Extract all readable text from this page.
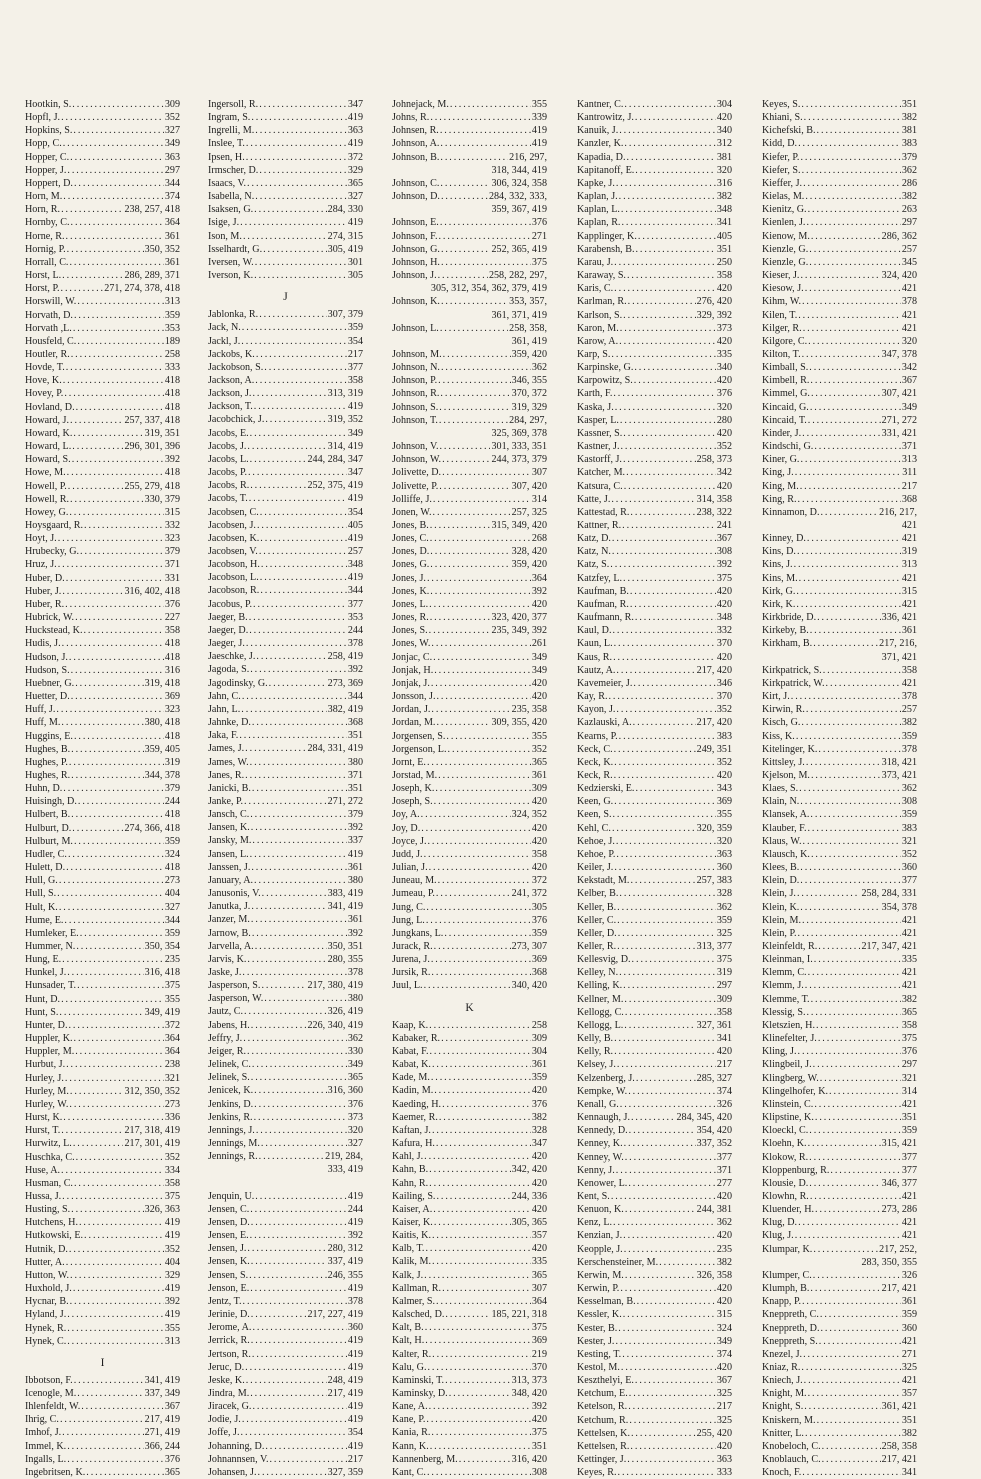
Hootkin, S. . . .	309
Hopfl, J. . . .	352
Hopkins, S. . . .	327
Hopp, C. . . .	349
Hopper, C. . . .	363
Hopper, J. . . .	297
Hoppert, D. . . .	344
Horn, M. . . .	374
Horn, R. . . .	238, 257, 418
Hornby, C. . . .	364
Horne, R. . . .	361
Hornig, P. . . .	350, 352
Horrall, C. . . .	361
Horst, L. . . .	286, 289, 371
Horst, P. . . .	271, 274, 378, 418
Horswill, W. . . .	313
Horvath, D. . . .	359
Horvath ,L. . . .	353
Housfeld, C. . . .	189
Houtler, R. . . .	258
Hovde, T. . . .	333
Hove, K. . . .	418
Hovey, P. . . .	418
Hovland, D. . . .	418
Howard, J. . . .	257, 337, 418
Howard, K. . . .	319, 351
Howard, L. . . .	296, 301, 396
Howard, S. . . .	392
Howe, M. . . .	418
Howell, P. . . .	255, 279, 418
Howell, R. . . .	330, 379
Howey, G. . . .	315
Hoysgaard, R. . . .	332
Hoyt, J. . . .	323
Hrubecky, G. . . .	379
Hruz, J. . . .	371
Huber, D. . . .	331
Huber, J. . . .	316, 402, 418
Huber, R. . . .	376
Hubrick, W. . . .	227
Huckstead, K. . . .	358
Hudis, J. . . .	418
Hudson, J. . . .	418
Hudson, S. . . .	316
Huebner, G. . . .	319, 418
Huetter, D. . . .	369
Huff, J. . . .	323
Huff, M. . . .	380, 418
Huggins, E. . . .	418
Hughes, B. . . .	359, 405
Hughes, P. . . .	319
Hughes, R. . . .	344, 378
Huhn, D. . . .	379
Huisingh, D. . . .	244
Hulbert, B. . . .	418
Hulburt, D. . . .	274, 366, 418
Hulburt, M. . . .	359
Hudler, C. . . .	324
Hulett, D. . . .	418
Hull, G. . . .	273
Hull, S. . . .	404
Hult, K. . . .	327
Hume, E. . . .	344
Humleker, E. . . .	359
Hummer, N. . . .	350, 354
Hung, E. . . .	235
Hunkel, J. . . .	316, 418
Hunsader, T. . . .	375
Hunt, D. . . .	355
Hunt, S. . . .	349, 419
Hunter, D. . . .	372
Huppler, K. . . .	364
Huppler, M. . . .	364
Hurbut, J. . . .	238
Hurley, J. . . .	321
Hurley, M. . . .	312, 350, 352
Hurley, W. . . .	273
Hurst, K. . . .	336
Hurst, T. . . .	217, 318, 419
Hurwitz, L. . . .	217, 301, 419
Huschka, C. . . .	352
Huse, A. . . .	334
Husman, C. . . .	358
Hussa, J. . . .	375
Husting, S. . . .	326, 363
Hutchens, H. . . .	419
Hutkowski, E. . . .	419
Hutnik, D. . . .	352
Hutter, A. . . .	404
Hutton, W. . . .	329
Huxhold, J. . . .	419
Hycnar, B. . . .	392
Hyland, J. . . .	419
Hynek, R. . . .	355
Hynek, C. . . .	313
I
Ibbotson, F. . . .	341, 419
Icenogle, M. . . .	337, 349
Ihlenfeldt, W. . . .	367
Ihrig, C. . . .	217, 419
Imhof, J. . . .	271, 419
Immel, K. . . .	366, 244
Ingalls, L. . . .	376
Ingebritsen, K. . . .	365
Ingersoll, R. . . .	347
Ingram, S. . . .	419
Ingrelli, M. . . .	363
Inslee, T. . . .	419
Ipsen, H. . . .	372
Irmscher, D. . . .	329
Isaacs, V. . . .	365
Isabella, N. . . .	327
Isaksen, G. . . .	284, 330
Isige, J. . . .	419
Ison, M. . . .	274, 315
Isselhardt, G. . . .	305, 419
Iversen, W. . . .	301
Iverson, K. . . .	305
J
Jablonka, R. . . .	307, 379
Jack, N. . . .	359
Jackl, J. . . .	354
Jackobs, K. . . .	217
Jackobson, S. . . .	377
Jackson, A. . . .	358
Jackson, J. . . .	313, 319
Jackson, T. . . .	419
Jacobchick, J. . . .	319, 352
Jacobs, E. . . .	349
Jacobs, J. . . .	314, 419
Jacobs, L. . . .	244, 284, 347
Jacobs, P. . . .	347
Jacobs, R. . . .	252, 375, 419
Jacobs, T. . . .	419
Jacobsen, C. . . .	354
Jacobsen, J. . . .	405
Jacobsen, K. . . .	419
Jacobsen, V. . . .	257
Jacobson, H. . . .	348
Jacobson, L. . . .	419
Jacobson, R. . . .	344
Jacobus, P. . . .	377
Jaeger, B. . . .	353
Jaeger, D. . . .	244
Jaeger, J. . . .	378
Jaeschke, J. . . .	258, 419
Jagoda, S. . . .	392
Jagodinsky, G. . . .	273, 369
Jahn, C. . . .	344
Jahn, L. . . .	382, 419
Jahnke, D. . . .	368
Jaka, F. . . .	351
James, J. . . .	284, 331, 419
James, W. . . .	380
Janes, R. . . .	371
Janicki, B. . . .	351
Janke, P. . . .	271, 272
Jansch, C. . . .	379
Jansen, K. . . .	392
Jansky, M. . . .	337
Jansen, L. . . .	419
Janssen, J. . . .	361
January, A. . . .	380
Janusonis, V. . . .	383, 419
Janutka, J. . . .	341, 419
Janzer, M. . . .	361
Jarnow, B. . . .	392
Jarvella, A. . . .	350, 351
Jarvis, K. . . .	280, 355
Jaske, J. . . .	378
Jasperson, S. . . .	217, 380, 419
Jasperson, W. . . .	380
Jautz, C. . . .	326, 419
Jabens, H. . . .	226, 340, 419
Jeffry, J. . . .	362
Jeiger, R. . . .	330
Jelinek, C. . . .	349
Jelinek, S. . . .	365
Jenicek, K. . . .	316, 360
Jenkins, D. . . .	376
Jenkins, R. . . .	373
Jennings, J. . . .	320
Jennings, M. . . .	327
Jennings, R. . . .	219, 284,
333, 419

Jenquin, U. . . .	419
Jensen, C. . . .	244
Jensen, D. . . .	419
Jensen, E. . . .	392
Jensen, J. . . .	280, 312
Jensen, K. . . .	337, 419
Jensen, S. . . .	246, 355
Jenson, E. . . .	419
Jentz, T. . . .	378
Jerinie, D. . . .	217, 227, 419
Jerome, A. . . .	360
Jerrick, R. . . .	419
Jertson, R. . . .	419
Jeruc, D. . . .	419
Jeske, K. . . .	248, 419
Jindra, M. . . .	217, 419
Jiracek, G. . . .	419
Jodie, J. . . .	419
Joffe, J. . . .	354
Johanning, D. . . .	419
Johnannsen, V. . . .	217
Johansen, J. . . .	327, 359
Johnejack, M. . . .	355
Johns, R. . . .	339
Johnsen, R. . . .	419
Johnson, A. . . .	419
Johnson, B. . . .	216, 297,
318, 344, 419
Johnson, C. . . .	306, 324, 358
Johnson, D. . . .	284, 332, 333,
359, 367, 419
Johnson, E. . . .	376
Johnson, F. . . .	271
Johnson, G. . . .	252, 365, 419
Johnson, H. . . .	375
Johnson, J. . . .	258, 282, 297,
305, 312, 354, 362, 379, 419
Johnson, K. . . .	353, 357,
361, 371, 419
Johnson, L. . . .	258, 358,
361, 419
Johnson, M. . . .	359, 420
Johnson, N. . . .	362
Johnson, P. . . .	346, 355
Johnson, R. . . .	370, 372
Johnson, S. . . .	319, 329
Johnson, T. . . .	284, 297,
325, 369, 378
Johnson, V. . . .	301, 333, 351
Johnson, W. . . .	244, 373, 379
Jolivette, D. . . .	307
Jolivette, P. . . .	307, 420
Jolliffe, J. . . .	314
Jonen, W. . . .	257, 325
Jones, B. . . .	315, 349, 420
Jones, C. . . .	268
Jones, D. . . .	328, 420
Jones, G. . . .	359, 420
Jones, J. . . .	364
Jones, K. . . .	392
Jones, L. . . .	420
Jones, R. . . .	323, 420, 377
Jones, S. . . .	235, 349, 392
Jones, W. . . .	261
Jonjac, C. . . .	349
Jonjak, H. . . .	349
Jonjak, J. . . .	420
Jonsson, J. . . .	420
Jordan, J. . . .	235, 358
Jordan, M. . . .	309, 355, 420
Jorgensen, S. . . .	355
Jorgenson, L. . . .	352
Jornt, E. . . .	365
Jorstad, M. . . .	361
Joseph, K. . . .	309
Joseph, S. . . .	420
Joy, A. . . .	324, 352
Joy, D. . . .	420
Joyce, J. . . .	420
Judd, J. . . .	358
Julian, J. . . .	420
Juneau, M. . . .	372
Jumeau, P. . . .	241, 372
Jung, C. . . .	305
Jung, L. . . .	376
Jungkans, L. . . .	359
Jurack, R. . . .	273, 307
Jurena, J. . . .	369
Jursik, R. . . .	368
Juul, L. . . .	340, 420
K
Kaap, K. . . .	258
Kabaker, R. . . .	309
Kabat, F. . . .	304
Kabat, K. . . .	361
Kade, M. . . .	359
Kadin, M. . . .	420
Kaeding, H. . . .	376
Kaemer, R. . . .	382
Kaftan, J. . . .	328
Kafura, H. . . .	347
Kahl, J. . . .	420
Kahn, B. . . .	342, 420
Kahn, R. . . .	420
Kailing, S. . . .	244, 336
Kaiser, A. . . .	420
Kaiser, K. . . .	305, 365
Kaitis, K. . . .	357
Kalb, T. . . .	420
Kalik, M. . . .	335
Kalk, J. . . .	365
Kallman, R. . . .	307
Kalmer, S. . . .	364
Kalsched, D. . . .	185, 221, 318
Kalt, B. . . .	375
Kalt, H. . . .	369
Kalter, R. . . .	219
Kalu, G. . . .	370
Kaminski, T. . . .	313, 373
Kaminsky, D. . . .	348, 420
Kane, A. . . .	392
Kane, P. . . .	420
Kania, R. . . .	375
Kann, K. . . .	351
Kannenberg, M. . . .	316, 420
Kant, C. . . .	308
Kantner, C. . . .	304
Kantrowitz, J. . . .	420
Kanuik, J. . . .	340
Kanzler, K. . . .	312
Kapadia, D. . . .	381
Kapitanoff, E. . . .	320
Kapke, J. . . .	316
Kaplan, J. . . .	382
Kaplan, L. . . .	348
Kaplan, R. . . .	341
Kapplinger, K. . . .	405
Karabensh, B. . . .	351
Karau, J. . . .	250
Karaway, S. . . .	358
Karis, C. . . .	420
Karlman, R. . . .	276, 420
Karlson, S. . . .	329, 392
Karon, M. . . .	373
Karow, A. . . .	420
Karp, S. . . .	335
Karpinske, G. . . .	340
Karpowitz, S. . . .	420
Karth, F. . . .	376
Kaska, J. . . .	320
Kasper, L. . . .	280
Kassner, S. . . .	420
Kastner, J. . . .	352
Kastorff, J. . . .	258, 373
Katcher, M. . . .	342
Katsura, C. . . .	420
Katte, J. . . .	314, 358
Kattestad, R. . . .	238, 322
Kattner, R. . . .	241
Katz, D. . . .	367
Katz, N. . . .	308
Katz, S. . . .	392
Katzfey, L. . . .	375
Kaufman, B. . . .	420
Kaufman, R. . . .	420
Kaufmann, R. . . .	348
Kaul, D. . . .	332
Kaun, L. . . .	370
Kaus, R. . . .	420
Kautz, A. . . .	217, 420
Kavemeier, J. . . .	346
Kay, R. . . .	370
Kayon, J. . . .	352
Kazlauski, A. . . .	217, 420
Kearns, P. . . .	383
Keck, C. . . .	249, 351
Keck, K. . . .	352
Keck, R. . . .	420
Kedzierski, E. . . .	343
Keen, G. . . .	369
Keen, S. . . .	355
Kehl, C. . . .	320, 359
Kehoe, J. . . .	320
Kehoe, P. . . .	363
Keiler, J. . . .	360
Kekstadt, M. . . .	257, 383
Kelber, B. . . .	328
Keller, B. . . .	362
Keller, C. . . .	359
Keller, D. . . .	325
Keller, R. . . .	313, 377
Kellesvig, D. . . .	375
Kelley, N. . . .	319
Kelling, K. . . .	297
Kellner, M. . . .	309
Kellogg, C. . . .	358
Kellogg, L. . . .	327, 361
Kelly, B. . . .	341
Kelly, R. . . .	420
Kelsey, J. . . .	217
Kelzenberg, J. . . .	285, 327
Kempke, W. . . .	374
Kenall, G. . . .	326
Kennaugh, J. . . .	284, 345, 420
Kennedy, D. . . .	354, 420
Kenney, K. . . .	337, 352
Kenney, W. . . .	377
Kenny, J. . . .	371
Kenower, L. . . .	277
Kent, S. . . .	420
Kenuon, K. . . .	244, 381
Kenz, L. . . .	362
Kenzian, J. . . .	420
Keopple, J. . . .	235
Kerschensteiner, M. . . .	382
Kerwin, M. . . .	326, 358
Kerwin, P. . . .	420
Kesselman, B. . . .	420
Kessler, K. . . .	315
Kester, B. . . .	324
Kester, J. . . .	349
Kesting, T. . . .	374
Kestol, M. . . .	420
Keszthelyi, E. . . .	367
Ketchum, E. . . .	325
Ketelson, R. . . .	217
Ketchum, R. . . .	325
Kettelsen, K. . . .	255, 420
Kettelsen, R. . . .	420
Kettinger, J. . . .	363
Keyes, R. . . .	333
Keyes, S. . . .	351
Khiani, S. . . .	382
Kichefski, B. . . .	381
Kidd, D. . . .	383
Kiefer, P. . . .	379
Kiefer, S. . . .	362
Kieffer, J. . . .	286
Kielas, M. . . .	382
Kienitz, G. . . .	263
Kienlen, J. . . .	297
Kienow, M. . . .	286, 362
Kienzle, G. . . .	257
Kienzle, G. . . .	345
Kieser, J. . . .	324, 420
Kiesow, J. . . .	421
Kihm, W. . . .	378
Kilen, T. . . .	421
Kilger, R. . . .	421
Kilgore, C. . . .	320
Kilton, T. . . .	347, 378
Kimball, S. . . .	342
Kimbell, R. . . .	367
Kimmel, G. . . .	307, 421
Kincaid, G. . . .	349
Kincaid, T. . . .	271, 272
Kinder, J. . . .	331, 421
Kindschi, G. . . .	371
Kiner, G. . . .	313
King, J. . . .	311
King, M. . . .	217
King, R. . . .	368
Kinnamon, D. . . .	216, 217,
421
Kinney, D. . . .	421
Kins, D. . . .	319
Kins, J. . . .	313
Kins, M. . . .	421
Kirk, G. . . .	315
Kirk, K. . . .	421
Kirkbride, D. . . .	336, 421
Kirkeby, B. . . .	361
Kirkham, B. . . .	217, 216,
371, 421
Kirkpatrick, S. . . .	358
Kirkpatrick, W. . . .	421
Kirt, J. . . .	378
Kirwin, R. . . .	257
Kisch, G. . . .	382
Kiss, K. . . .	359
Kitelinger, K. . . .	378
Kittsley, J. . . .	318, 421
Kjelson, M. . . .	373, 421
Klaes, S. . . .	362
Klain, N. . . .	308
Klansek, A. . . .	359
Klauber, F. . . .	383
Klaus, W. . . .	321
Klausch, K. . . .	352
Klees, B. . . .	360
Klein, D. . . .	377
Klein, J. . . .	258, 284, 331
Klein, K. . . .	354, 378
Klein, M. . . .	421
Klein, P. . . .	421
Kleinfeldt, R. . . .	217, 347, 421
Kleinman, I. . . .	335
Klemm, C. . . .	421
Klemm, J. . . .	421
Klemme, T. . . .	382
Klessig, S. . . .	365
Kletszien, H. . . .	358
Klinefelter, J. . . .	375
Kling, J. . . .	376
Klingbeil, J. . . .	297
Klingberg, W. . . .	321
Klingelhofer, K. . . .	314
Klinstein, C. . . .	421
Klipstine, K. . . .	351
Kloeckl, C. . . .	359
Kloehn, K. . . .	315, 421
Klokow, R. . . .	377
Kloppenburg, R. . . .	377
Klousie, D. . . .	346, 377
Klowhn, R. . . .	421
Kluender, H. . . .	273, 286
Klug, D. . . .	421
Klug, J. . . .	421
Klumpar, K. . . .	217, 252,
283, 350, 355
Klumper, C. . . .	326
Klumph, B. . . .	217, 421
Knapp, P. . . .	361
Kneppreth, C. . . .	359
Kneppreth, D. . . .	360
Kneppreth, S. . . .	421
Knezel, J. . . .	271
Kniaz, R. . . .	325
Kniech, J. . . .	421
Knight, M. . . .	357
Knight, S. . . .	361, 421
Kniskern, M. . . .	351
Knitter, L. . . .	382
Knobeloch, C. . . .	258, 358
Knoblauch, C. . . .	217, 421
Knoch, F. . . .	341
